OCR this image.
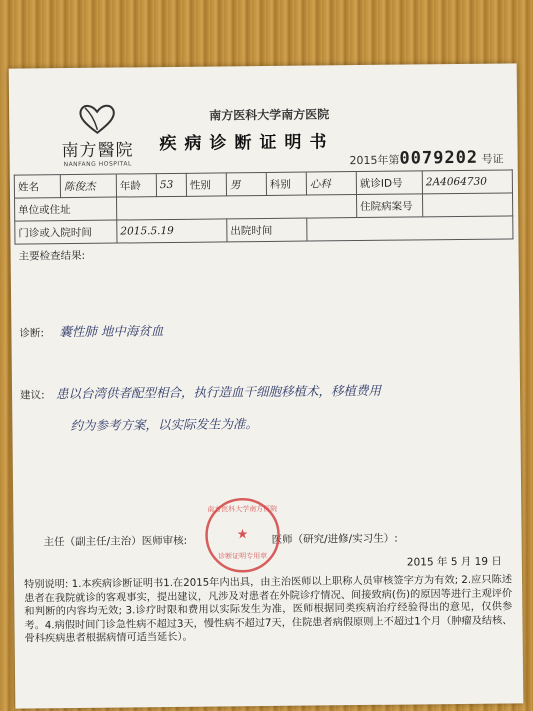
南方醫院
NANFANG HOSPITAL
南方医科大学南方医院
疾病诊断证明书
2015年第0079202 号证
姓名	陈俊杰	年龄	53	性别	男	科别	心科	就诊ID号	2A4064730
单位或住址								住院病案号	
门诊或入院时间		2015.5.19			出院时间				
主要检查结果:
诊断: 囊性肺 地中海贫血
建议: 患以台湾供者配型相合，执行造血干细胞移植术，移植费用
约为参考方案，以实际发生为准。
主任（副主任/主治）医师审核:	医师（研究/进修/实习生）:
2015 年 5 月 19 日
南方医科大学南方医院
★
诊断证明专用章
特别说明: 1.本疾病诊断证明书1.在2015年内出具，由主治医师以上职称人员审核签字方为有效; 2.应只陈述患者在我院就诊的客观事实，提出建议，凡涉及对患者在外院诊疗情况、间接致病(伤)的原因等进行主观评价和判断的内容均无效; 3.诊疗时限和费用以实际发生为准，医师根据同类疾病治疗经验得出的意见，仅供参考。4.病假时间门诊急性病不超过3天，慢性病不超过7天，住院患者病假原则上不超过1个月（肿瘤及结核、骨科疾病患者根据病情可适当延长）。
